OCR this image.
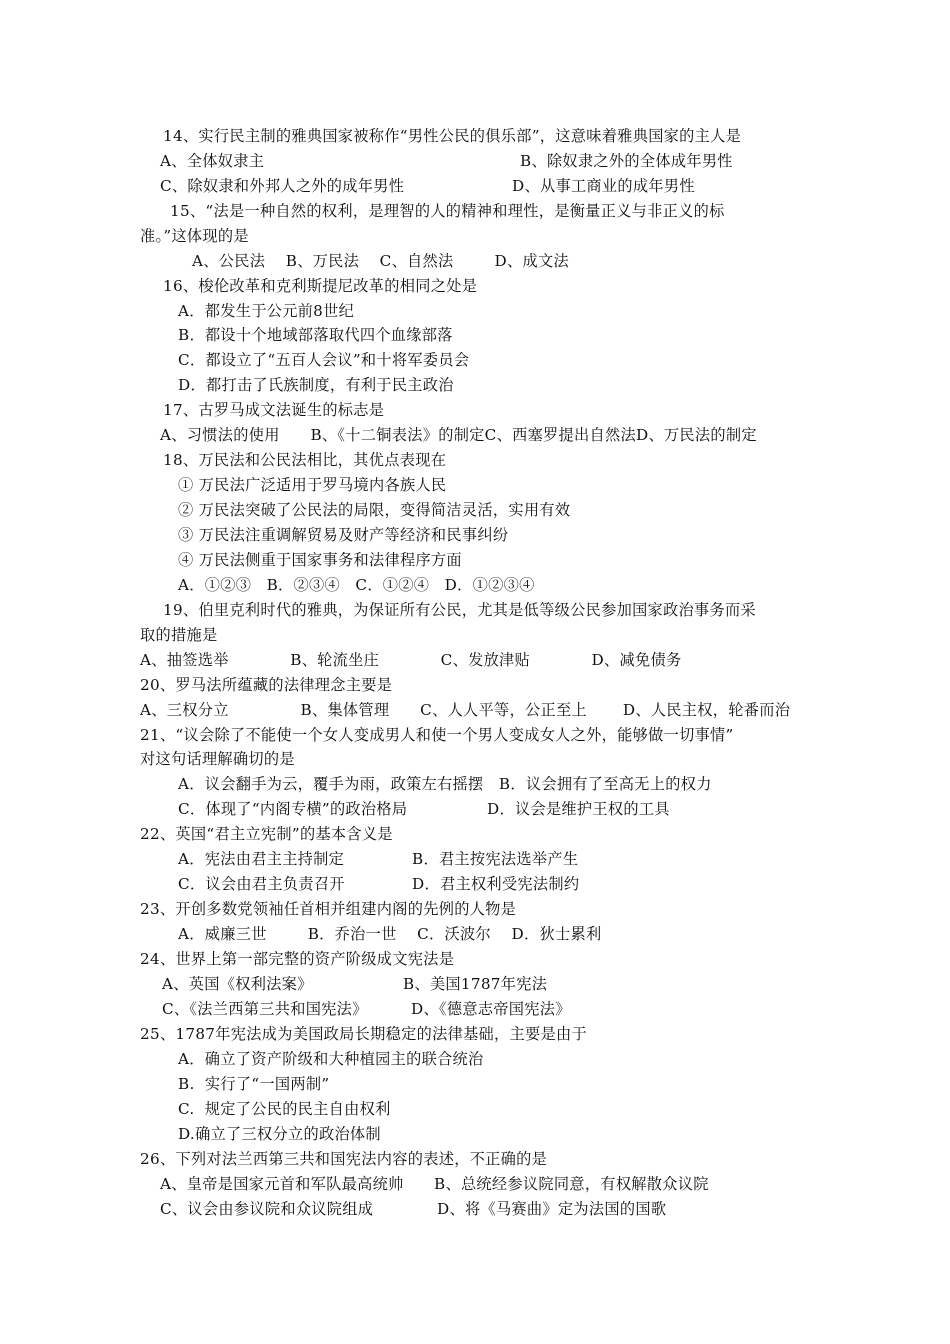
14、实行民主制的雅典国家被称作“男性公民的俱乐部”，这意味着雅典国家的主人是
A、全体奴隶主	B、除奴隶之外的全体成年男性
C、除奴隶和外邦人之外的成年男性	D、从事工商业的成年男性
15、“法是一种自然的权利，是理智的人的精神和理性，是衡量正义与非正义的标
准。”这体现的是
A、公民法    B、万民法    C、自然法        D、成文法
16、梭伦改革和克利斯提尼改革的相同之处是
A．都发生于公元前8世纪
B．都设十个地域部落取代四个血缘部落
C．都设立了“五百人会议”和十将军委员会
D．都打击了氏族制度，有利于民主政治
17、古罗马成文法诞生的标志是
A、习惯法的使用      B、《十二铜表法》的制定C、西塞罗提出自然法D、万民法的制定
18、万民法和公民法相比，其优点表现在
① 万民法广泛适用于罗马境内各族人民
② 万民法突破了公民法的局限，变得简洁灵活，实用有效
③ 万民法注重调解贸易及财产等经济和民事纠纷
④ 万民法侧重于国家事务和法律程序方面
A．①②③   B．②③④   C．①②④   D．①②③④
19、伯里克利时代的雅典，为保证所有公民，尤其是低等级公民参加国家政治事务而采
取的措施是
A、抽签选举            B、轮流坐庄            C、发放津贴            D、减免债务
20、罗马法所蕴藏的法律理念主要是
A、三权分立              B、集体管理      C、人人平等，公正至上       D、人民主权，轮番而治
21、“议会除了不能使一个女人变成男人和使一个男人变成女人之外，能够做一切事情”
对这句话理解确切的是
A．议会翻手为云，覆手为雨，政策左右摇摆   B．议会拥有了至高无上的权力
C．体现了“内阁专横”的政治格局	D．议会是维护王权的工具
22、英国“君主立宪制”的基本含义是
A．宪法由君主主持制定	B．君主按宪法选举产生
C．议会由君主负责召开	D．君主权利受宪法制约
23、开创多数党领袖任首相并组建内阁的先例的人物是
A．威廉三世        B．乔治一世    C．沃波尔    D．狄士累利
24、世界上第一部完整的资产阶级成文宪法是
A、英国《权利法案》	B、美国1787年宪法
C、《法兰西第三共和国宪法》	D、《德意志帝国宪法》
25、1787年宪法成为美国政局长期稳定的法律基础，主要是由于
A．确立了资产阶级和大种植园主的联合统治
B.  实行了“一国两制”
C.  规定了公民的民主自由权利
D.确立了三权分立的政治体制
26、下列对法兰西第三共和国宪法内容的表述，不正确的是
A、皇帝是国家元首和军队最高统帅 B、总统经参议院同意，有权解散众议院
C、议会由参议院和众议院组成	D、将《马赛曲》定为法国的国歌
